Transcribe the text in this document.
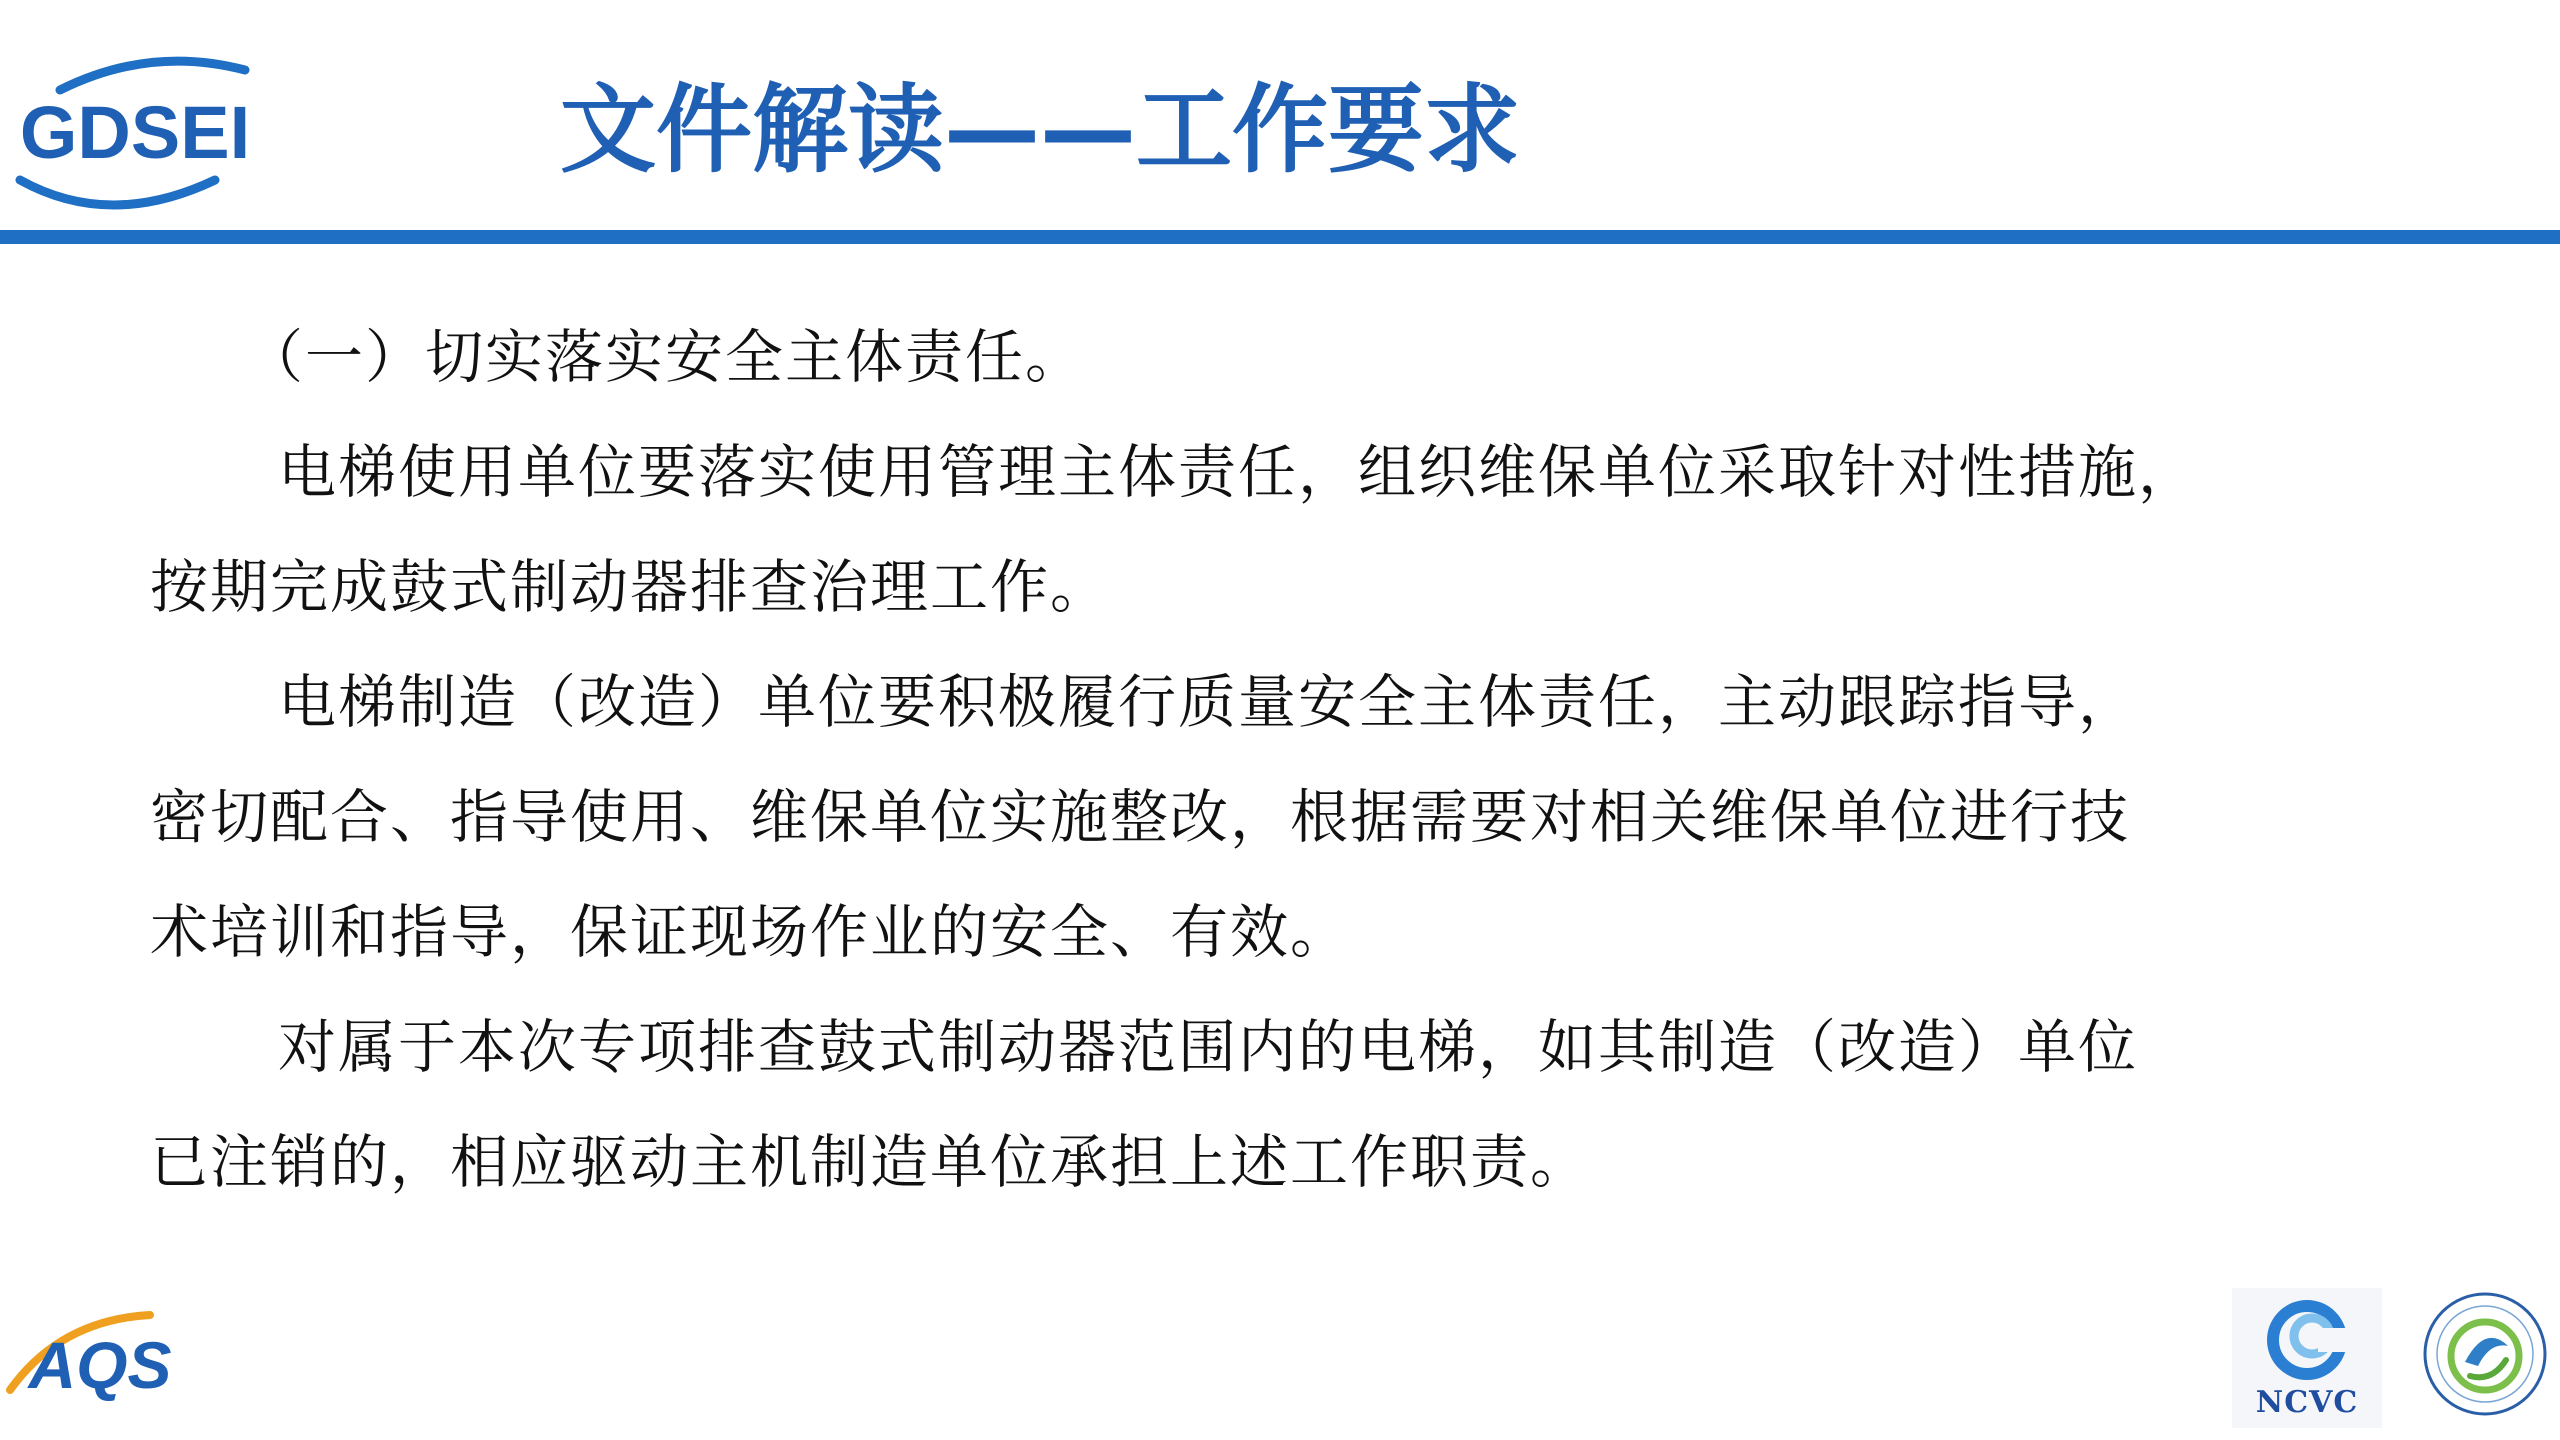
GDSEI	文件解读——工作要求
（一）切实落实安全主体责任。
电梯使用单位要落实使用管理主体责任，组织维保单位采取针对性措施，
按期完成鼓式制动器排查治理工作。
电梯制造（改造）单位要积极履行质量安全主体责任，主动跟踪指导，
密切配合、指导使用、维保单位实施整改，根据需要对相关维保单位进行技
术培训和指导，保证现场作业的安全、有效。
对属于本次专项排查鼓式制动器范围内的电梯，如其制造（改造）单位
已注销的，相应驱动主机制造单位承担上述工作职责。
AQS
NCVC
